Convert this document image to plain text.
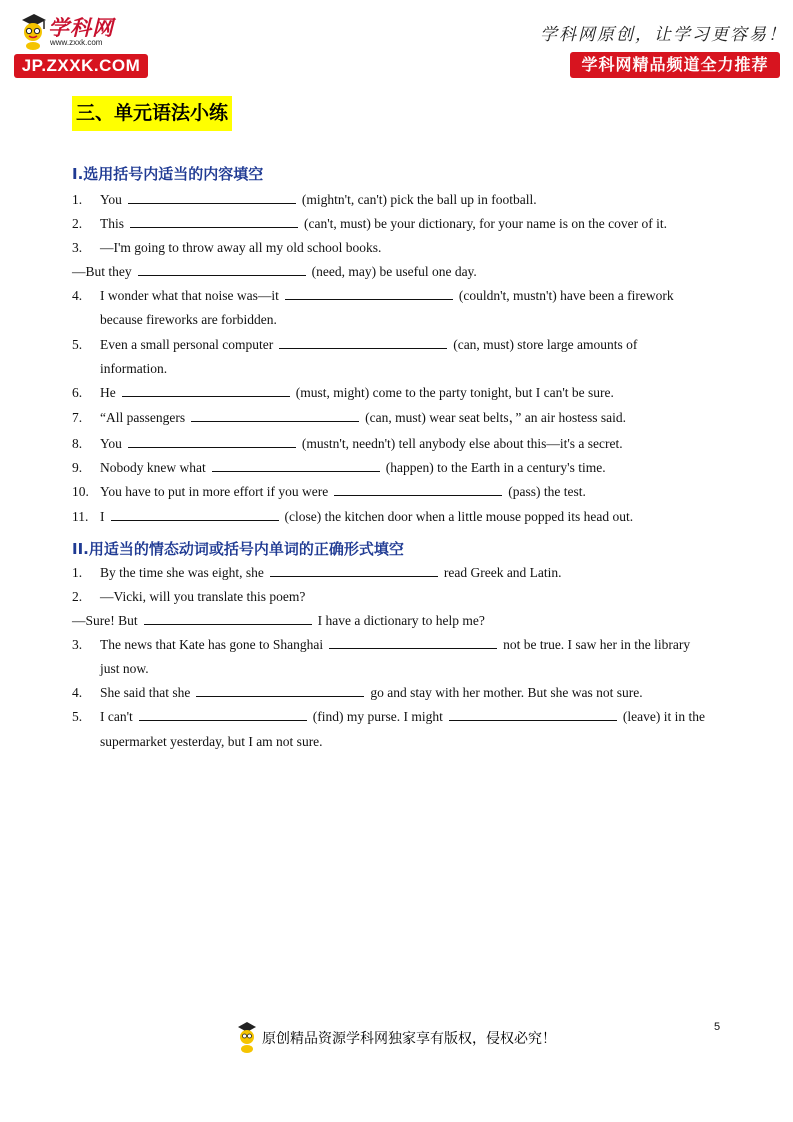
学科网
www.zxxk.com
JP.ZXXK.COM
学科网原创，让学习更容易！
学科网精品频道全力推荐
三、单元语法小练
I.选用括号内适当的内容填空
1. You	(mightn't, can't) pick the ball up in football.
2. This	(can't, must) be your dictionary, for your name is on the cover of it.
3. —I'm going to throw away all my old school books.
—But they	(need, may) be useful one day.
4. I wonder what that noise was—it	(couldn't, mustn't) have been a firework
because fireworks are forbidden.
5. Even a small personal computer	(can, must) store large amounts of
information.
6. He	(must, might) come to the party tonight, but I can't be sure.
7. “All passengers	(can, must) wear seat belts，” an air hostess said.
8. You	(mustn't, needn't) tell anybody else about this—it's a secret.
9. Nobody knew what	(happen) to the Earth in a century's time.
10. You have to put in more effort if you were	(pass) the test.
11. I	(close) the kitchen door when a little mouse popped its head out.
II.用适当的情态动词或括号内单词的正确形式填空
1. By the time she was eight, she	read Greek and Latin.
2. —Vicki, will you translate this poem?
—Sure! But	I have a dictionary to help me?
3. The news that Kate has gone to Shanghai	not be true. I saw her in the library
just now.
4. She said that she	go and stay with her mother. But she was not sure.
5. I can't	(find) my purse. I might	(leave) it in the
supermarket yesterday, but I am not sure.
原创精品资源学科网独家享有版权，侵权必究！
5
